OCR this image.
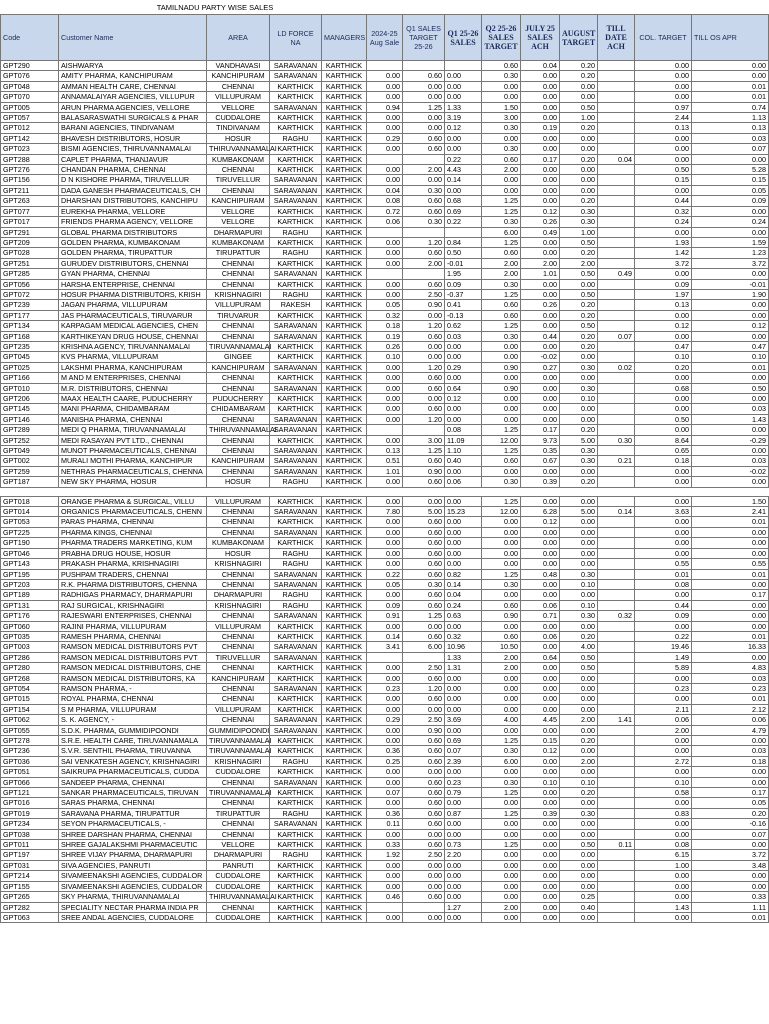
TAMILNADU PARTY WISE SALES
Code	Customer Name	AREA	LD FORCE NA	MANAGERS	2024-25 Aug Sale	Q1 SALES TARGET 25-26	Q1 25-26 SALES	Q2 25-26 SALES TARGET	JULY 25 SALES ACH	AUGUST TARGET	TILL DATE ACH	COL. TARGET	TILL OS APR
GPT290	AISHWARYA	VANDHAVASI	SARAVANAN	KARTHICK				0.60	0.04	0.20		0.00	0.00
GPT076	AMITY PHARMA, KANCHIPURAM	KANCHIPURAM	SARAVANAN	KARTHICK	0.00	0.60	0.00	0.30	0.00	0.20		0.00	0.00
GPT048	AMMAN HEALTH CARE, CHENNAI	CHENNAI	KARTHICK	KARTHICK	0.00	0.00	0.00	0.00	0.00	0.00		0.00	0.01
GPT070	ANNAMALAIYAR AGENCIES, VILLUPUR	VILLUPURAM	KARTHICK	KARTHICK	0.00	0.00	0.00	0.00	0.00	0.00		0.00	0.01
GPT005	ARUN PHARMA AGENCIES, VELLORE	VELLORE	SARAVANAN	KARTHICK	0.94	1.25	1.33	1.50	0.00	0.50		0.97	0.74
GPT057	BALASARASWATHI SURGICALS & PHAR	CUDDALORE	KARTHICK	KARTHICK	0.00	0.00	3.19	3.00	0.00	1.00		2.44	1.13
GPT012	BARANI AGENCIES, TINDIVANAM	TINDIVANAM	KARTHICK	KARTHICK	0.00	0.00	0.12	0.30	0.19	0.20		0.13	0.13
GPT142	BHAVESH DISTRIBUTORS, HOSUR	HOSUR	RAGHU	KARTHICK	0.29	0.60	0.00	0.00	0.00	0.00		0.00	0.03
GPT023	BISMI AGENCIES, THIRUVANNAMALAI	THIRUVANNAMALAI	KARTHICK	KARTHICK	0.00	0.60	0.00	0.30	0.00	0.00		0.00	0.07
GPT288	CAPLET PHARMA, THANJAVUR	KUMBAKONAM	KARTHICK	KARTHICK			0.22	0.60	0.17	0.20	0.04	0.00	0.00
GPT276	CHANDAN PHARMA, CHENNAI	CHENNAI	KARTHICK	KARTHICK	0.00	2.00	4.43	2.00	0.00	0.00		0.50	5.28
GPT156	D N KISHORE PHARMA, TIRUVELLUR	TIRUVELLUR	SARAVANAN	KARTHICK	0.00	0.00	0.14	0.00	0.00	0.00		0.15	0.15
GPT211	DADA GANESH PHARMACEUTICALS, CH	CHENNAI	SARAVANAN	KARTHICK	0.04	0.30	0.00	0.00	0.00	0.00		0.00	0.05
GPT263	DHARSHAN DISTRIBUTORS, KANCHIPU	KANCHIPURAM	SARAVANAN	KARTHICK	0.08	0.60	0.68	1.25	0.00	0.20		0.44	0.09
GPT077	EUREKHA PHARMA, VELLORE	VELLORE	KARTHICK	KARTHICK	0.72	0.60	0.69	1.25	0.12	0.30		0.32	0.00
GPT017	FRIENDS PHARMA AGENCY, VELLORE	VELLORE	KARTHICK	KARTHICK	0.06	0.30	0.22	0.30	0.26	0.30		0.24	0.24
GPT291	GLOBAL PHARMA DISTRIBUTORS	DHARMAPURI	RAGHU	KARTHICK				6.00	0.49	1.00		0.00	0.00
GPT209	GOLDEN PHARMA, KUMBAKONAM	KUMBAKONAM	KARTHICK	KARTHICK	0.00	1.20	0.84	1.25	0.00	0.50		1.93	1.59
GPT028	GOLDEN PHARMA, TIRUPATTUR	TIRUPATTUR	RAGHU	KARTHICK	0.00	0.60	0.50	0.60	0.00	0.20		1.42	1.23
GPT251	GURUDEV DISTRIBUTORS, CHENNAI	CHENNAI	KARTHICK	KARTHICK	0.00	2.00	-0.01	2.00	2.00	2.00		3.72	3.72
GPT285	GYAN PHARMA, CHENNAI	CHENNAI	SARAVANAN	KARTHICK			1.95	2.00	1.01	0.50	0.49	0.00	0.00
GPT056	HARSHA ENTERPRISE, CHENNAI	CHENNAI	KARTHICK	KARTHICK	0.00	0.60	0.09	0.30	0.00	0.00		0.09	-0.01
GPT072	HOSUR PHARMA DISTRIBUTORS, KRISH	KRISHNAGIRI	RAGHU	KARTHICK	0.00	2.50	-0.37	1.25	0.00	0.50		1.97	1.90
GPT239	JAGAN PHARMA, VILLUPURAM	VILLUPURAM	RAKESH	KARTHICK	0.05	0.90	0.41	0.60	0.26	0.20		0.13	0.00
GPT177	JAS PHARMACEUTICALS, TIRUVARUR	TIRUVARUR	KARTHICK	KARTHICK	0.32	0.00	-0.13	0.60	0.00	0.20		0.00	0.00
GPT134	KARPAGAM MEDICAL AGENCIES, CHEN	CHENNAI	SARAVANAN	KARTHICK	0.18	1.20	0.62	1.25	0.00	0.50		0.12	0.12
GPT168	KARTHIKEYAN DRUG HOUSE, CHENNAI	CHENNAI	SARAVANAN	KARTHICK	0.19	0.60	0.03	0.30	0.44	0.20	0.07	0.00	0.00
GPT235	KRISHNA AGENCY, TIRUVANNAMALAI	TIRUVANNAMALAI	KARTHICK	KARTHICK	0.26	0.00	0.00	0.00	0.00	0.20		0.47	0.47
GPT045	KVS PHARMA, VILLUPURAM	GINGEE	KARTHICK	KARTHICK	0.10	0.00	0.00	0.00	-0.02	0.00		0.10	0.10
GPT025	LAKSHMI PHARMA, KANCHIPURAM	KANCHIPURAM	SARAVANAN	KARTHICK	0.00	1.20	0.29	0.90	0.27	0.30	0.02	0.20	0.01
GPT166	M AND M ENTERPRISES, CHENNAI	CHENNAI	KARTHICK	KARTHICK	0.00	0.60	0.00	0.00	0.00	0.00		0.00	0.00
GPT010	M.R. DISTRIBUTORS, CHENNAI	CHENNAI	SARAVANAN	KARTHICK	0.00	0.60	0.64	0.90	0.00	0.30		0.68	0.50
GPT206	MAAX HEALTH CAARE, PUDUCHERRY	PUDUCHERRY	KARTHICK	KARTHICK	0.00	0.00	0.12	0.00	0.00	0.10		0.00	0.00
GPT145	MANI PHARMA, CHIDAMBARAM	CHIDAMBARAM	KARTHICK	KARTHICK	0.00	0.60	0.00	0.00	0.00	0.00		0.00	0.03
GPT146	MANISHA PHARMA, CHENNAI	CHENNAI	SARAVANAN	KARTHICK	0.00	1.20	0.00	0.00	0.00	0.00		0.50	1.43
GPT289	MEDI Q PHARMA, TIRUVANNAMALAI	THIRUVANNAMALAI	SARAVANAN	KARTHICK			0.08	1.25	0.17	0.20		0.00	0.00
GPT252	MEDI RASAYAN PVT LTD., CHENNAI	CHENNAI	KARTHICK	KARTHICK	0.00	3.00	11.09	12.00	9.73	5.00	0.30	8.64	-0.29
GPT049	MUNOT PHARMACEUTICALS, CHENNAI	CHENNAI	SARAVANAN	KARTHICK	0.13	1.25	1.10	1.25	0.35	0.30		0.65	0.00
GPT002	MURALI MOTHI PHARMA, KANCHIPUR	KANCHIPURAM	SARAVANAN	KARTHICK	0.51	0.60	0.40	0.60	0.67	0.30	0.21	0.18	0.03
GPT259	NETHRAS PHARMACEUTICALS, CHENNA	CHENNAI	SARAVANAN	KARTHICK	1.01	0.90	0.00	0.00	0.00	0.00		0.00	-0.02
GPT187	NEW SKY PHARMA, HOSUR	HOSUR	RAGHU	KARTHICK	0.00	0.60	0.06	0.30	0.39	0.20		0.00	0.00

GPT018	ORANGE PHARMA & SURGICAL, VILLU	VILLUPURAM	KARTHICK	KARTHICK	0.00	0.00	0.00	1.25	0.00	0.00		0.00	1.50
GPT014	ORGANICS PHARMACEUTICALS, CHENN	CHENNAI	SARAVANAN	KARTHICK	7.80	5.00	15.23	12.00	6.28	5.00	0.14	3.63	2.41
GPT053	PARAS PHARMA, CHENNAI	CHENNAI	KARTHICK	KARTHICK	0.00	0.60	0.00	0.00	0.12	0.00		0.00	0.01
GPT225	PHARMA KINGS, CHENNAI	CHENNAI	SARAVANAN	KARTHICK	0.00	0.60	0.00	0.00	0.00	0.00		0.00	0.00
GPT190	PHARMA TRADERS MARKETING, KUM	KUMBAKONAM	KARTHICK	KARTHICK	0.00	0.60	0.00	0.00	0.00	0.00		0.00	0.00
GPT046	PRABHA DRUG HOUSE, HOSUR	HOSUR	RAGHU	KARTHICK	0.00	0.60	0.00	0.00	0.00	0.00		0.00	0.00
GPT143	PRAKASH PHARMA, KRISHNAGIRI	KRISHNAGIRI	RAGHU	KARTHICK	0.00	0.60	0.00	0.00	0.00	0.00		0.55	0.55
GPT195	PUSHPAM TRADERS, CHENNAI	CHENNAI	SARAVANAN	KARTHICK	0.22	0.60	0.82	1.25	0.48	0.30		0.01	0.01
GPT203	R.K. PHARMA DISTRIBUTORS, CHENNA	CHENNAI	SARAVANAN	KARTHICK	0.05	0.30	0.14	0.30	0.00	0.10		0.08	0.00
GPT189	RADHIGAS PHARMACY, DHARMAPURI	DHARMAPURI	RAGHU	KARTHICK	0.00	0.60	0.04	0.00	0.00	0.00		0.00	0.17
GPT131	RAJ SURGICAL, KRISHNAGIRI	KRISHNAGIRI	RAGHU	KARTHICK	0.09	0.60	0.24	0.60	0.06	0.10		0.44	0.00
GPT176	RAJESWARI ENTERPRISES, CHENNAI	CHENNAI	SARAVANAN	KARTHICK	0.91	1.25	0.63	0.90	0.71	0.30	0.32	0.09	0.00
GPT060	RAJINI PHARMA, VILLUPURAM	VILLUPURAM	KARTHICK	KARTHICK	0.00	0.00	0.00	0.00	0.00	0.00		0.00	0.00
GPT035	RAMESH PHARMA, CHENNAI	CHENNAI	KARTHICK	KARTHICK	0.14	0.60	0.32	0.60	0.06	0.20		0.22	0.01
GPT003	RAMSON MEDICAL DISTRIBUTORS PVT	CHENNAI	SARAVANAN	KARTHICK	3.41	6.00	10.96	10.50	0.00	4.00		19.46	16.33
GPT286	RAMSON MEDICAL DISTRIBUTORS PVT	TIRUVELLUR	SARAVANAN	KARTHICK			1.33	2.00	0.64	0.50		1.49	0.00
GPT280	RAMSON MEDICAL DISTRIBUTORS, CHE	CHENNAI	KARTHICK	KARTHICK	0.00	2.50	1.31	2.00	0.00	0.50		5.89	4.83
GPT268	RAMSON MEDICAL DISTRIBUTORS, KA	KANCHIPURAM	KARTHICK	KARTHICK	0.00	0.60	0.00	0.00	0.00	0.00		0.00	0.03
GPT054	RAMSON PHARMA, -	CHENNAI	SARAVANAN	KARTHICK	0.23	1.20	0.00	0.00	0.00	0.00		0.23	0.23
GPT015	ROYAL PHARMA, CHENNAI	CHENNAI	KARTHICK	KARTHICK	0.00	0.60	0.00	0.00	0.00	0.00		0.00	0.01
GPT154	S M PHARMA, VILLUPURAM	VILLUPURAM	KARTHICK	KARTHICK	0.00	0.00	0.00	0.00	0.00	0.00		2.11	2.12
GPT062	S. K. AGENCY, -	CHENNAI	SARAVANAN	KARTHICK	0.29	2.50	3.69	4.00	4.45	2.00	1.41	0.06	0.06
GPT055	S.D.K. PHARMA, GUMMIDIPOONDI	GUMMIDIPOONDI	SARAVANAN	KARTHICK	0.00	0.90	0.00	0.00	0.00	0.00		2.00	4.79
GPT278	S.R.E. HEALTH CARE, TIRUVANNAMALA	TIRUVANNAMALAI	KARTHICK	KARTHICK	0.00	0.60	0.69	1.25	0.15	0.20		0.00	0.00
GPT236	S.V.R. SENTHIL PHARMA, TIRUVANNA	TIRUVANNAMALAI	KARTHICK	KARTHICK	0.36	0.60	0.07	0.30	0.12	0.00		0.00	0.03
GPT036	SAI VENKATESH AGENCY, KRISHNAGIRI	KRISHNAGIRI	RAGHU	KARTHICK	0.25	0.60	2.39	6.00	0.00	2.00		2.72	0.18
GPT051	SAIKRUPA PHARMACEUTICALS, CUDDA	CUDDALORE	KARTHICK	KARTHICK	0.00	0.00	0.00	0.00	0.00	0.00		0.00	0.00
GPT066	SANDEEP PHARMA, CHENNAI	CHENNAI	SARAVANAN	KARTHICK	0.00	0.60	0.23	0.30	0.10	0.10		0.10	0.00
GPT121	SANKAR PHARMACEUTICALS, TIRUVAN	TIRUVANNAMALAI	KARTHICK	KARTHICK	0.07	0.60	0.79	1.25	0.00	0.20		0.58	0.17
GPT016	SARAS PHARMA, CHENNAI	CHENNAI	KARTHICK	KARTHICK	0.00	0.60	0.00	0.00	0.00	0.00		0.00	0.05
GPT019	SARAVANA PHARMA, TIRUPATTUR	TIRUPATTUR	RAGHU	KARTHICK	0.36	0.60	0.87	1.25	0.39	0.30		0.83	0.20
GPT234	SEYON PHARMACEUTICALS, -	CHENNAI	SARAVANAN	KARTHICK	0.11	0.60	0.00	0.00	0.00	0.00		0.00	-0.16
GPT038	SHREE DARSHAN PHARMA, CHENNAI	CHENNAI	KARTHICK	KARTHICK	0.00	0.00	0.00	0.00	0.00	0.00		0.00	0.07
GPT011	SHREE GAJALAKSHMI PHARMACEUTIC	VELLORE	KARTHICK	KARTHICK	0.33	0.60	0.73	1.25	0.00	0.50	0.11	0.08	0.00
GPT197	SHREE VIJAY PHARMA, DHARMAPURI	DHARMAPURI	RAGHU	KARTHICK	1.92	2.50	2.20	0.00	0.00	0.00		6.15	3.72
GPT031	SIVA AGENCIES, PANRUTI	PANRUTI	KARTHICK	KARTHICK	0.00	0.00	0.00	0.00	0.00	0.00		1.00	3.48
GPT214	SIVAMEENAKSHI AGENCIES, CUDDALOR	CUDDALORE	KARTHICK	KARTHICK	0.00	0.00	0.00	0.00	0.00	0.00		0.00	0.00
GPT155	SIVAMEENAKSHI AGENCIES, CUDDALOR	CUDDALORE	KARTHICK	KARTHICK	0.00	0.00	0.00	0.00	0.00	0.00		0.00	0.00
GPT265	SKY PHARMA, THIRUVANNAMALAI	THIRUVANNAMALAI	KARTHICK	KARTHICK	0.46	0.60	0.00	0.00	0.00	0.25		0.00	0.33
GPT282	SPECIALITY NECTAR PHARMA INDIA PR	CHENNAI	KARTHICK	KARTHICK			1.27	2.00	0.00	0.40		1.43	1.11
GPT063	SREE ANDAL AGENCIES, CUDDALORE	CUDDALORE	KARTHICK	KARTHICK	0.00	0.00	0.00	0.00	0.00	0.00		0.00	0.01
